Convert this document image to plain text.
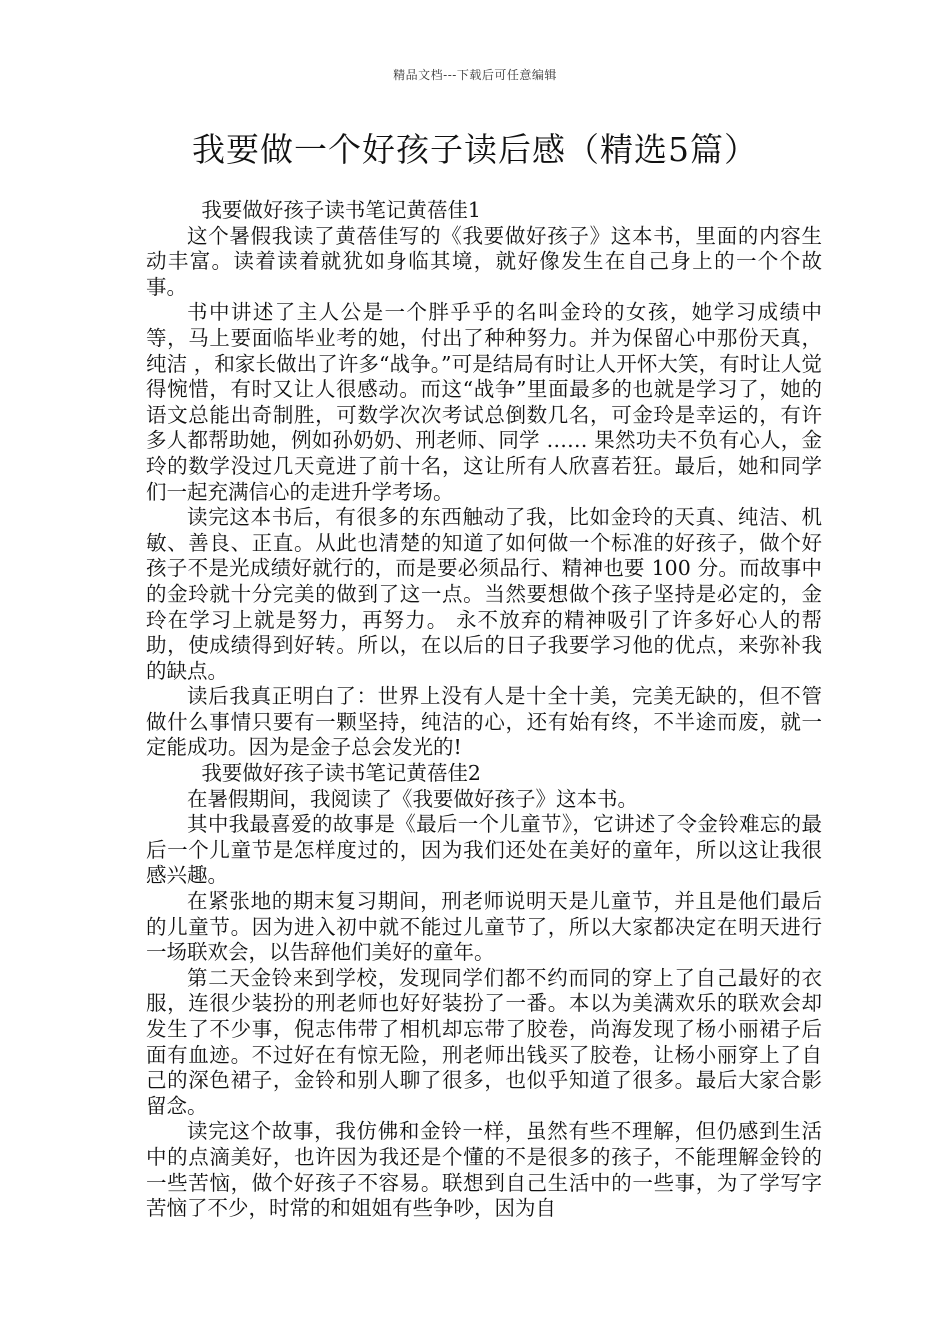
精品文档---下载后可任意编辑
我要做一个好孩子读后感（精选5篇）

我要做好孩子读书笔记黄蓓佳1

这个暑假我读了黄蓓佳写的《我要做好孩子》这本书，里面的内容生动丰富。读着读着就犹如身临其境，就好像发生在自己身上的一个个故事。

书中讲述了主人公是一个胖乎乎的名叫金玲的女孩，她学习成绩中等，马上要面临毕业考的她，付出了种种努力。并为保留心中那份天真，纯洁 ，和家长做出了许多“战争。”可是结局有时让人开怀大笑，有时让人觉得惋惜，有时又让人很感动。而这“战争”里面最多的也就是学习了，她的语文总能出奇制胜，可数学次次考试总倒数几名，可金玲是幸运的，有许多人都帮助她，例如孙奶奶、刑老师、同学 …… 果然功夫不负有心人，金玲的数学没过几天竟进了前十名，这让所有人欣喜若狂。最后，她和同学们一起充满信心的走进升学考场。

读完这本书后，有很多的东西触动了我，比如金玲的天真、纯洁、机敏、善良、正直。从此也清楚的知道了如何做一个标准的好孩子，做个好孩子不是光成绩好就行的，而是要必须品行、精神也要 100 分。而故事中的金玲就十分完美的做到了这一点。当然要想做个孩子坚持是必定的，金玲在学习上就是努力，再努力。 永不放弃的精神吸引了许多好心人的帮助，使成绩得到好转。所以，在以后的日子我要学习他的优点，来弥补我的缺点。

读后我真正明白了：世界上没有人是十全十美，完美无缺的，但不管做什么事情只要有一颗坚持，纯洁的心，还有始有终，不半途而废，就一定能成功。因为是金子总会发光的!

我要做好孩子读书笔记黄蓓佳2

在暑假期间，我阅读了《我要做好孩子》这本书。

其中我最喜爱的故事是《最后一个儿童节》，它讲述了令金铃难忘的最后一个儿童节是怎样度过的，因为我们还处在美好的童年，所以这让我很感兴趣。

在紧张地的期末复习期间，刑老师说明天是儿童节，并且是他们最后的儿童节。因为进入初中就不能过儿童节了，所以大家都决定在明天进行一场联欢会，以告辞他们美好的童年。

第二天金铃来到学校，发现同学们都不约而同的穿上了自己最好的衣服，连很少装扮的刑老师也好好装扮了一番。本以为美满欢乐的联欢会却发生了不少事，倪志伟带了相机却忘带了胶卷，尚海发现了杨小丽裙子后面有血迹。不过好在有惊无险，刑老师出钱买了胶卷，让杨小丽穿上了自己的深色裙子，金铃和别人聊了很多，也似乎知道了很多。最后大家合影留念。

读完这个故事，我仿佛和金铃一样，虽然有些不理解，但仍感到生活中的点滴美好，也许因为我还是个懂的不是很多的孩子，不能理解金铃的一些苦恼，做个好孩子不容易。联想到自己生活中的一些事，为了学写字苦恼了不少，时常的和姐姐有些争吵，因为自
